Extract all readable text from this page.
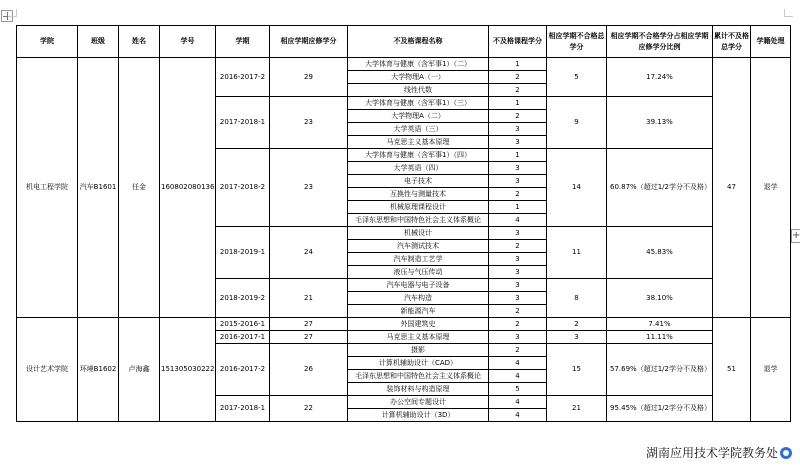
+
学院	班级	姓名	学号	学期	相应学期应修学分	不及格课程名称	不及格课程学分	相应学期不合格总学分	相应学期不合格学分占相应学期应修学分比例	累计不及格总学分	学籍处理
机电工程学院	汽车B1601	任金	160802080136	2016-2017-2	29	大学体育与健康（含军事1）（二）	1	5	17.24%	47	退学
						大学物理A（一）	2				
						线性代数	2				
				2017-2018-1	23	大学体育与健康（含军事1）（三）	1	9	39.13%		
						大学物理A（二）	2				
						大学英语（三）	3				
						马克思主义基本原理	3				
				2017-2018-2	23	大学体育与健康（含军事1）（四）	1	14	60.87%（超过1/2学分不及格）		
						大学英语（四）	3				
						电子技术	3				
						互换性与测量技术	2				
						机械原理课程设计	1				
						毛泽东思想和中国特色社会主义体系概论	4				
				2018-2019-1	24	机械设计	3	11	45.83%		
						汽车测试技术	2				
						汽车制造工艺学	3				
						液压与气压传动	3				
				2018-2019-2	21	汽车电器与电子设备	3	8	38.10%		
						汽车构造	3				
						新能源汽车	2				
设计艺术学院	环境B1602	卢海鑫	151305030222	2015-2016-1	27	外国建筑史	2	2	7.41%	51	退学
				2016-2017-1	27	马克思主义基本原理	3	3	11.11%		
				2016-2017-2	26	摄影	2	15	57.69%（超过1/2学分不及格）		
						计算机辅助设计（CAD）	4				
						毛泽东思想和中国特色社会主义体系概论	4				
						装饰材料与构造原理	5				
				2017-2018-1	22	办公空间专题设计	4	21	95.45%（超过1/2学分不及格）		
						计算机辅助设计（3D）	4				
湖南应用技术学院教务处
